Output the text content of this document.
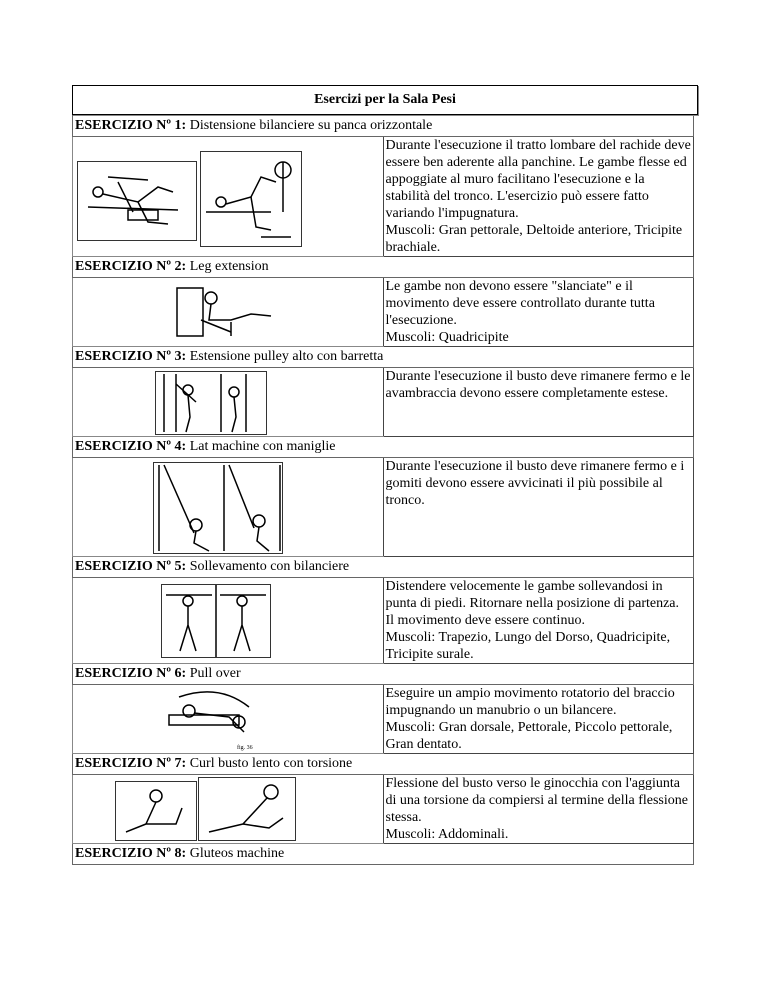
Esercizi per la Sala Pesi
ESERCIZIO Nº 1: Distensione bilanciere su panca orizzontale	

	Durante l'esecuzione il tratto lombare del rachide deve essere ben aderente alla panchine. Le gambe flesse ed appoggiate al muro facilitano l'esecuzione e la stabilità del tronco. L'esercizio può essere fatto variando l'impugnatura.
Muscoli: Gran pettorale, Deltoide anteriore, Tricipite brachiale.
ESERCIZIO Nº 2: Leg extension	

	Le gambe non devono essere "slanciate" e il movimento deve essere controllato durante tutta l'esecuzione.
Muscoli: Quadricipite
ESERCIZIO Nº 3: Estensione pulley alto con barretta	

	Durante l'esecuzione il busto deve rimanere fermo e le avambraccia devono essere completamente estese.
ESERCIZIO Nº 4: Lat machine con maniglie	

	Durante l'esecuzione il busto deve rimanere fermo e i gomiti devono essere avvicinati il più possibile al tronco.
ESERCIZIO Nº 5: Sollevamento con bilanciere	

	Distendere velocemente le gambe sollevandosi in punta di piedi. Ritornare nella posizione di partenza. Il movimento deve essere continuo.
Muscoli: Trapezio, Lungo del Dorso, Quadricipite, Tricipite surale.
ESERCIZIO Nº 6: Pull over	

fig. 36	Eseguire un ampio movimento rotatorio del braccio impugnando un manubrio o un bilancere.
Muscoli: Gran dorsale, Pettorale, Piccolo pettorale, Gran dentato.
ESERCIZIO Nº 7: Curl busto lento con torsione	

	Flessione del busto verso le ginocchia con l'aggiunta di una torsione da compiersi al termine della flessione stessa.
Muscoli: Addominali.
ESERCIZIO Nº 8: Gluteos machine	
